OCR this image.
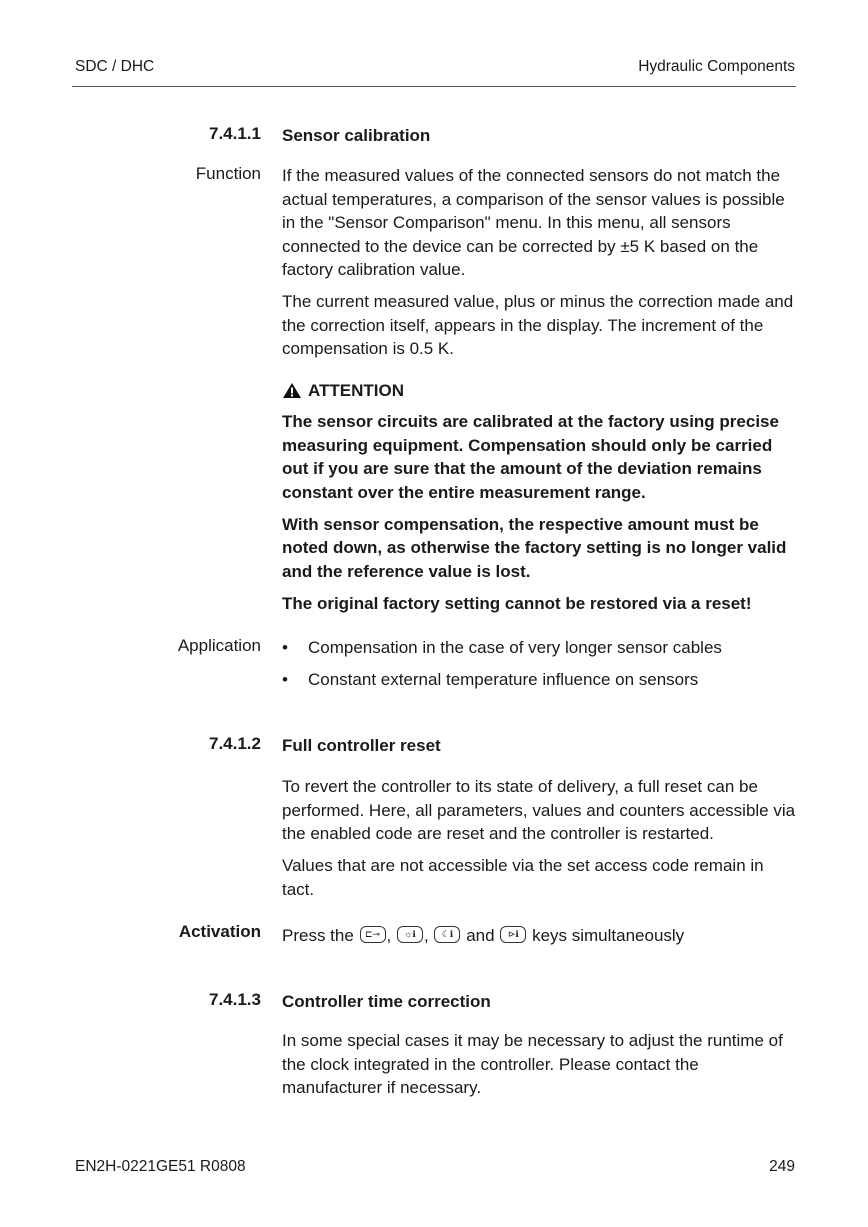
SDC / DHC	Hydraulic Components
7.4.1.1 Sensor calibration
Function If the measured values of the connected sensors do not match the actual temperatures, a comparison of the sensor values is possible in the "Sensor Comparison" menu. In this menu, all sensors connected to the device can be corrected by ±5 K based on the factory calibration value.

The current measured value, plus or minus the correction made and the correction itself, appears in the display. The increment of the compensation is 0.5 K.

ATTENTION

The sensor circuits are calibrated at the factory using precise measuring equipment. Compensation should only be carried out if you are sure that the amount of the deviation remains constant over the entire measurement range.

With sensor compensation, the respective amount must be noted down, as otherwise the factory setting is no longer valid and the reference value is lost.

The original factory setting cannot be restored via a reset!

Application • Compensation in the case of very longer sensor cables
• Constant external temperature influence on sensors
7.4.1.2 Full controller reset

To revert the controller to its state of delivery, a full reset can be performed. Here, all parameters, values and counters accessible via the enabled code are reset and the controller is restarted.

Values that are not accessible via the set access code remain in tact.

Activation Press the	⊏⊸ ,	☼ℹ ,	☾ℹ and	⊳ℹ keys simultaneously
7.4.1.3 Controller time correction

In some special cases it may be necessary to adjust the runtime of the clock integrated in the controller. Please contact the manufacturer if necessary.

EN2H-0221GE51 R0808	249
